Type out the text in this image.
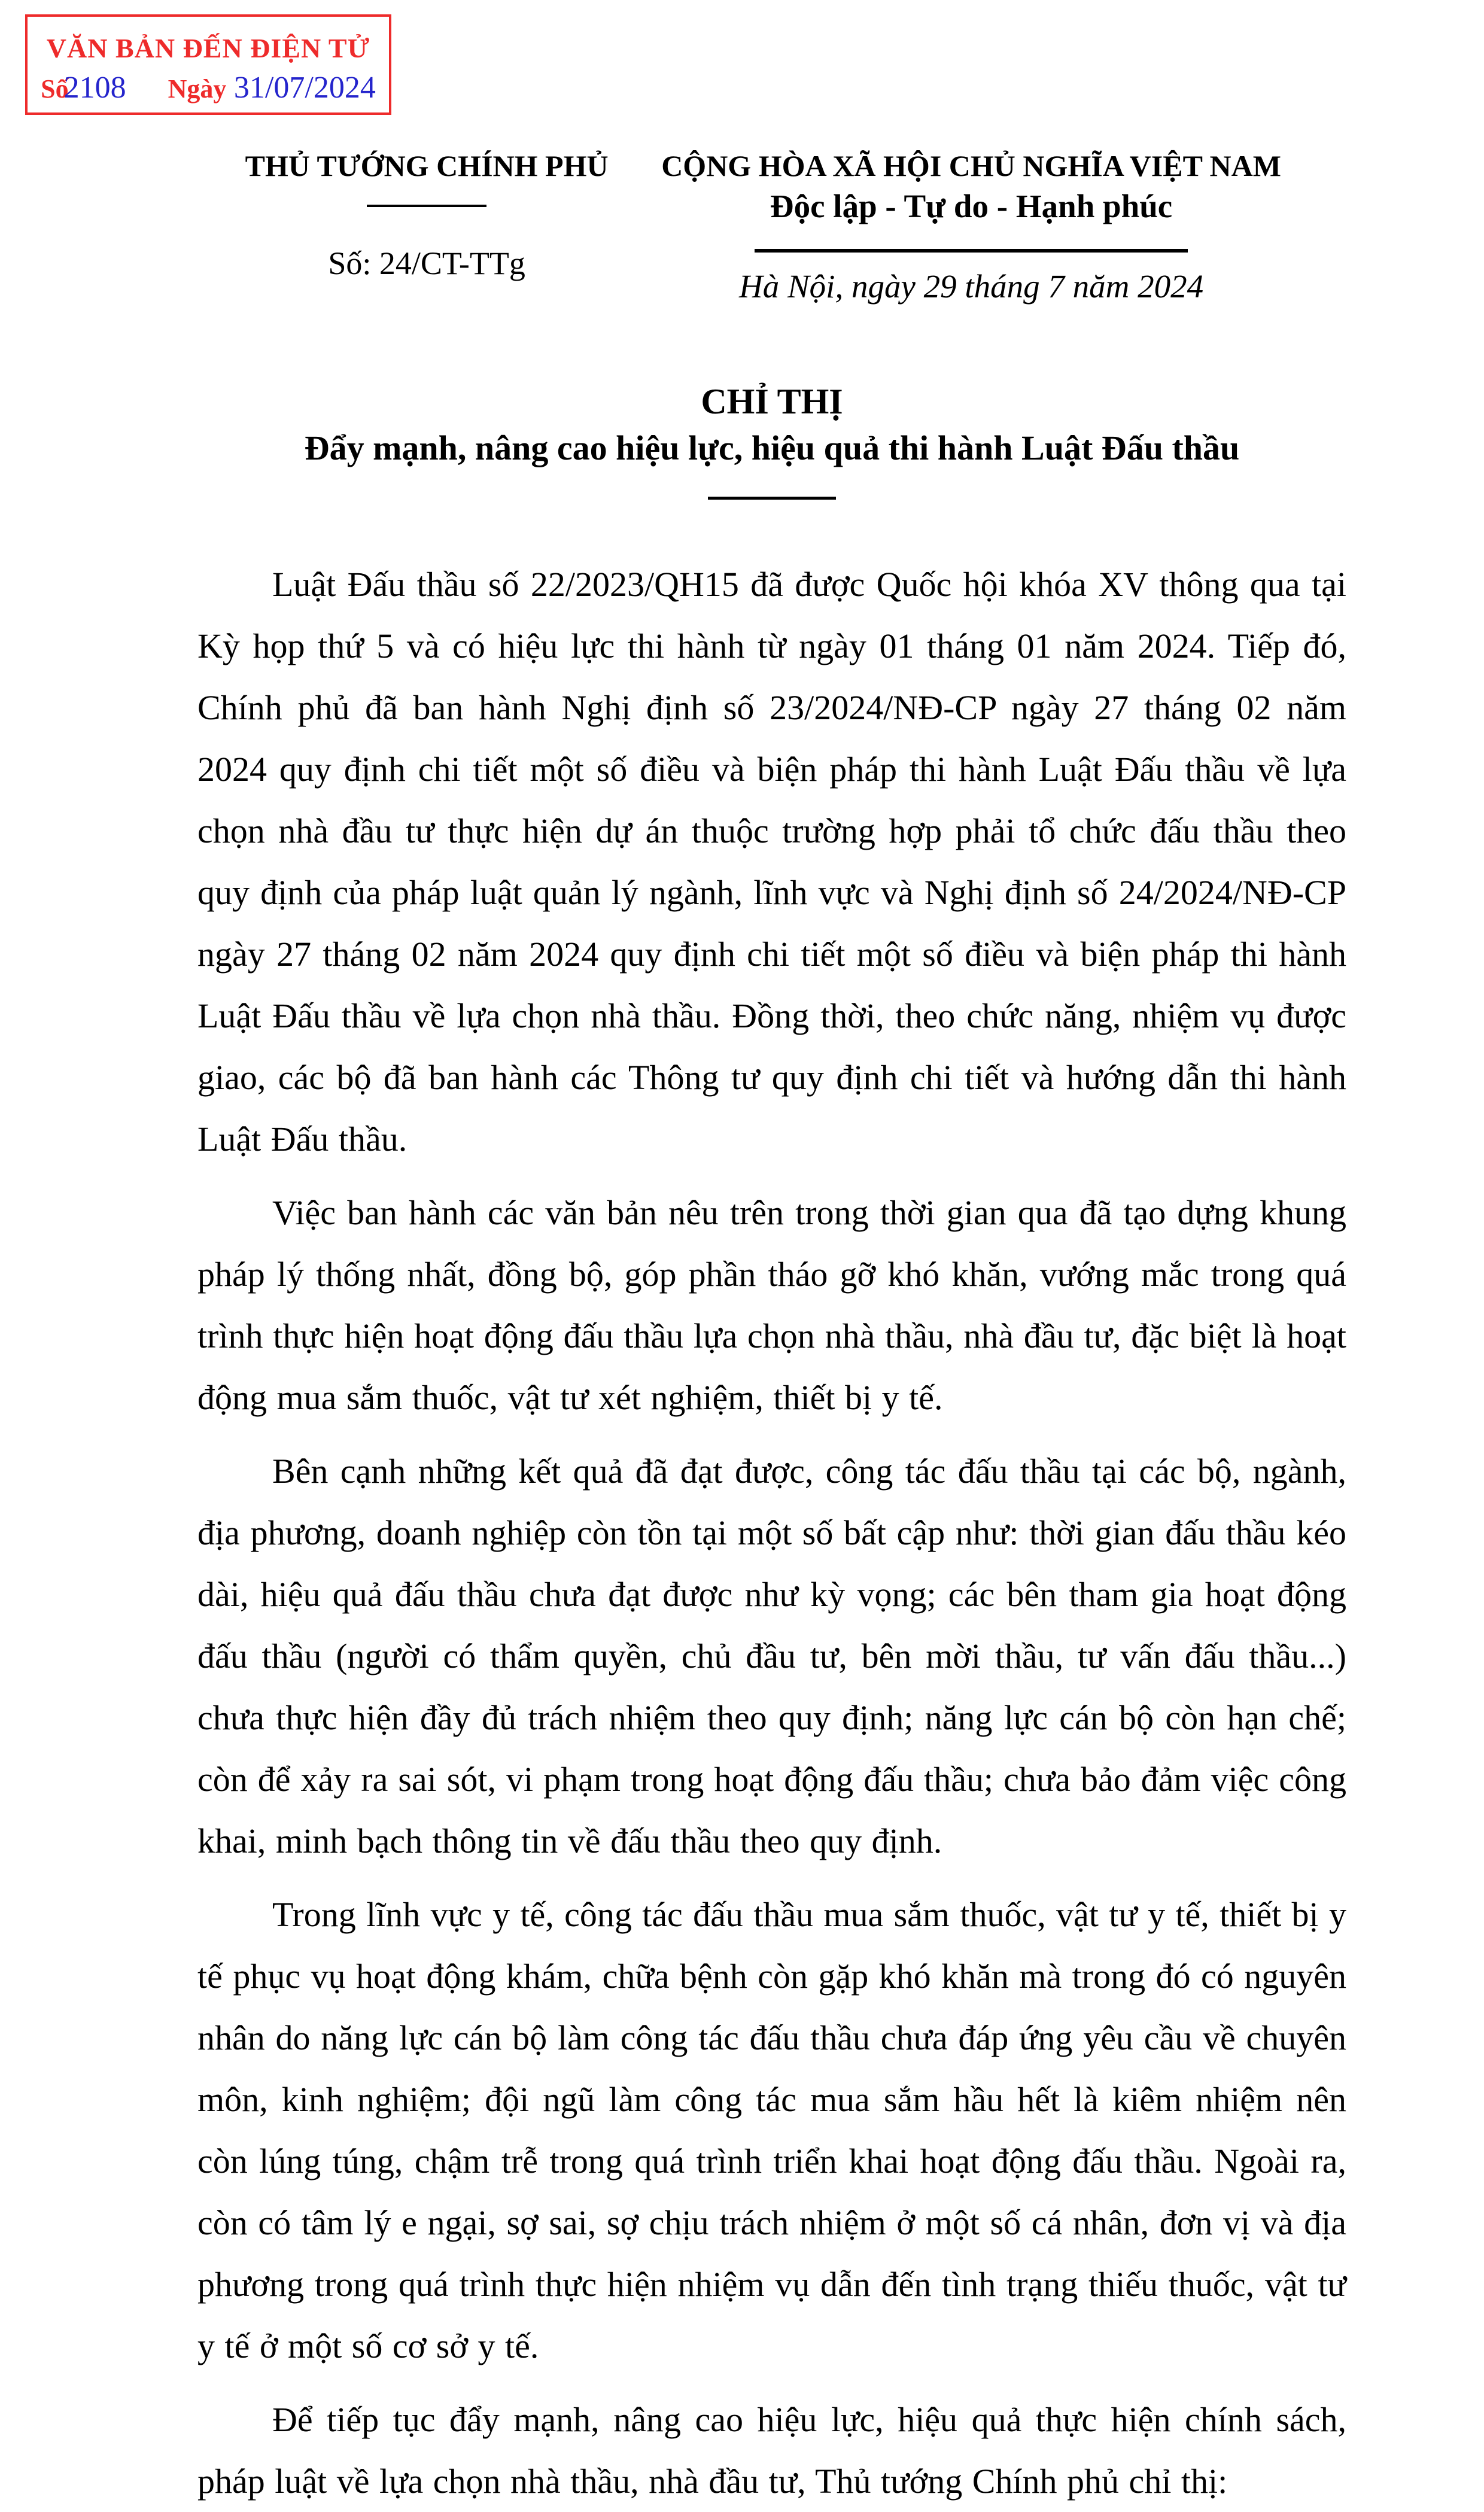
VĂN BẢN ĐẾN ĐIỆN TỬ
Số2108 Ngày 31/07/2024
THỦ TƯỚNG CHÍNH PHỦ
Số: 24/CT-TTg
CỘNG HÒA XÃ HỘI CHỦ NGHĨA VIỆT NAM
Độc lập - Tự do - Hạnh phúc
Hà Nội, ngày 29 tháng 7 năm 2024
CHỈ THỊ
Đẩy mạnh, nâng cao hiệu lực, hiệu quả thi hành Luật Đấu thầu

Luật Đấu thầu số 22/2023/QH15 đã được Quốc hội khóa XV thông qua tại Kỳ họp thứ 5 và có hiệu lực thi hành từ ngày 01 tháng 01 năm 2024. Tiếp đó, Chính phủ đã ban hành Nghị định số 23/2024/NĐ-CP ngày 27 tháng 02 năm 2024 quy định chi tiết một số điều và biện pháp thi hành Luật Đấu thầu về lựa chọn nhà đầu tư thực hiện dự án thuộc trường hợp phải tổ chức đấu thầu theo quy định của pháp luật quản lý ngành, lĩnh vực và Nghị định số 24/2024/NĐ-CP ngày 27 tháng 02 năm 2024 quy định chi tiết một số điều và biện pháp thi hành Luật Đấu thầu về lựa chọn nhà thầu. Đồng thời, theo chức năng, nhiệm vụ được giao, các bộ đã ban hành các Thông tư quy định chi tiết và hướng dẫn thi hành Luật Đấu thầu.

Việc ban hành các văn bản nêu trên trong thời gian qua đã tạo dựng khung pháp lý thống nhất, đồng bộ, góp phần tháo gỡ khó khăn, vướng mắc trong quá trình thực hiện hoạt động đấu thầu lựa chọn nhà thầu, nhà đầu tư, đặc biệt là hoạt động mua sắm thuốc, vật tư xét nghiệm, thiết bị y tế.

Bên cạnh những kết quả đã đạt được, công tác đấu thầu tại các bộ, ngành, địa phương, doanh nghiệp còn tồn tại một số bất cập như: thời gian đấu thầu kéo dài, hiệu quả đấu thầu chưa đạt được như kỳ vọng; các bên tham gia hoạt động đấu thầu (người có thẩm quyền, chủ đầu tư, bên mời thầu, tư vấn đấu thầu...) chưa thực hiện đầy đủ trách nhiệm theo quy định; năng lực cán bộ còn hạn chế; còn để xảy ra sai sót, vi phạm trong hoạt động đấu thầu; chưa bảo đảm việc công khai, minh bạch thông tin về đấu thầu theo quy định.

Trong lĩnh vực y tế, công tác đấu thầu mua sắm thuốc, vật tư y tế, thiết bị y tế phục vụ hoạt động khám, chữa bệnh còn gặp khó khăn mà trong đó có nguyên nhân do năng lực cán bộ làm công tác đấu thầu chưa đáp ứng yêu cầu về chuyên môn, kinh nghiệm; đội ngũ làm công tác mua sắm hầu hết là kiêm nhiệm nên còn lúng túng, chậm trễ trong quá trình triển khai hoạt động đấu thầu. Ngoài ra, còn có tâm lý e ngại, sợ sai, sợ chịu trách nhiệm ở một số cá nhân, đơn vị và địa phương trong quá trình thực hiện nhiệm vụ dẫn đến tình trạng thiếu thuốc, vật tư y tế ở một số cơ sở y tế.

Để tiếp tục đẩy mạnh, nâng cao hiệu lực, hiệu quả thực hiện chính sách, pháp luật về lựa chọn nhà thầu, nhà đầu tư, Thủ tướng Chính phủ chỉ thị:
